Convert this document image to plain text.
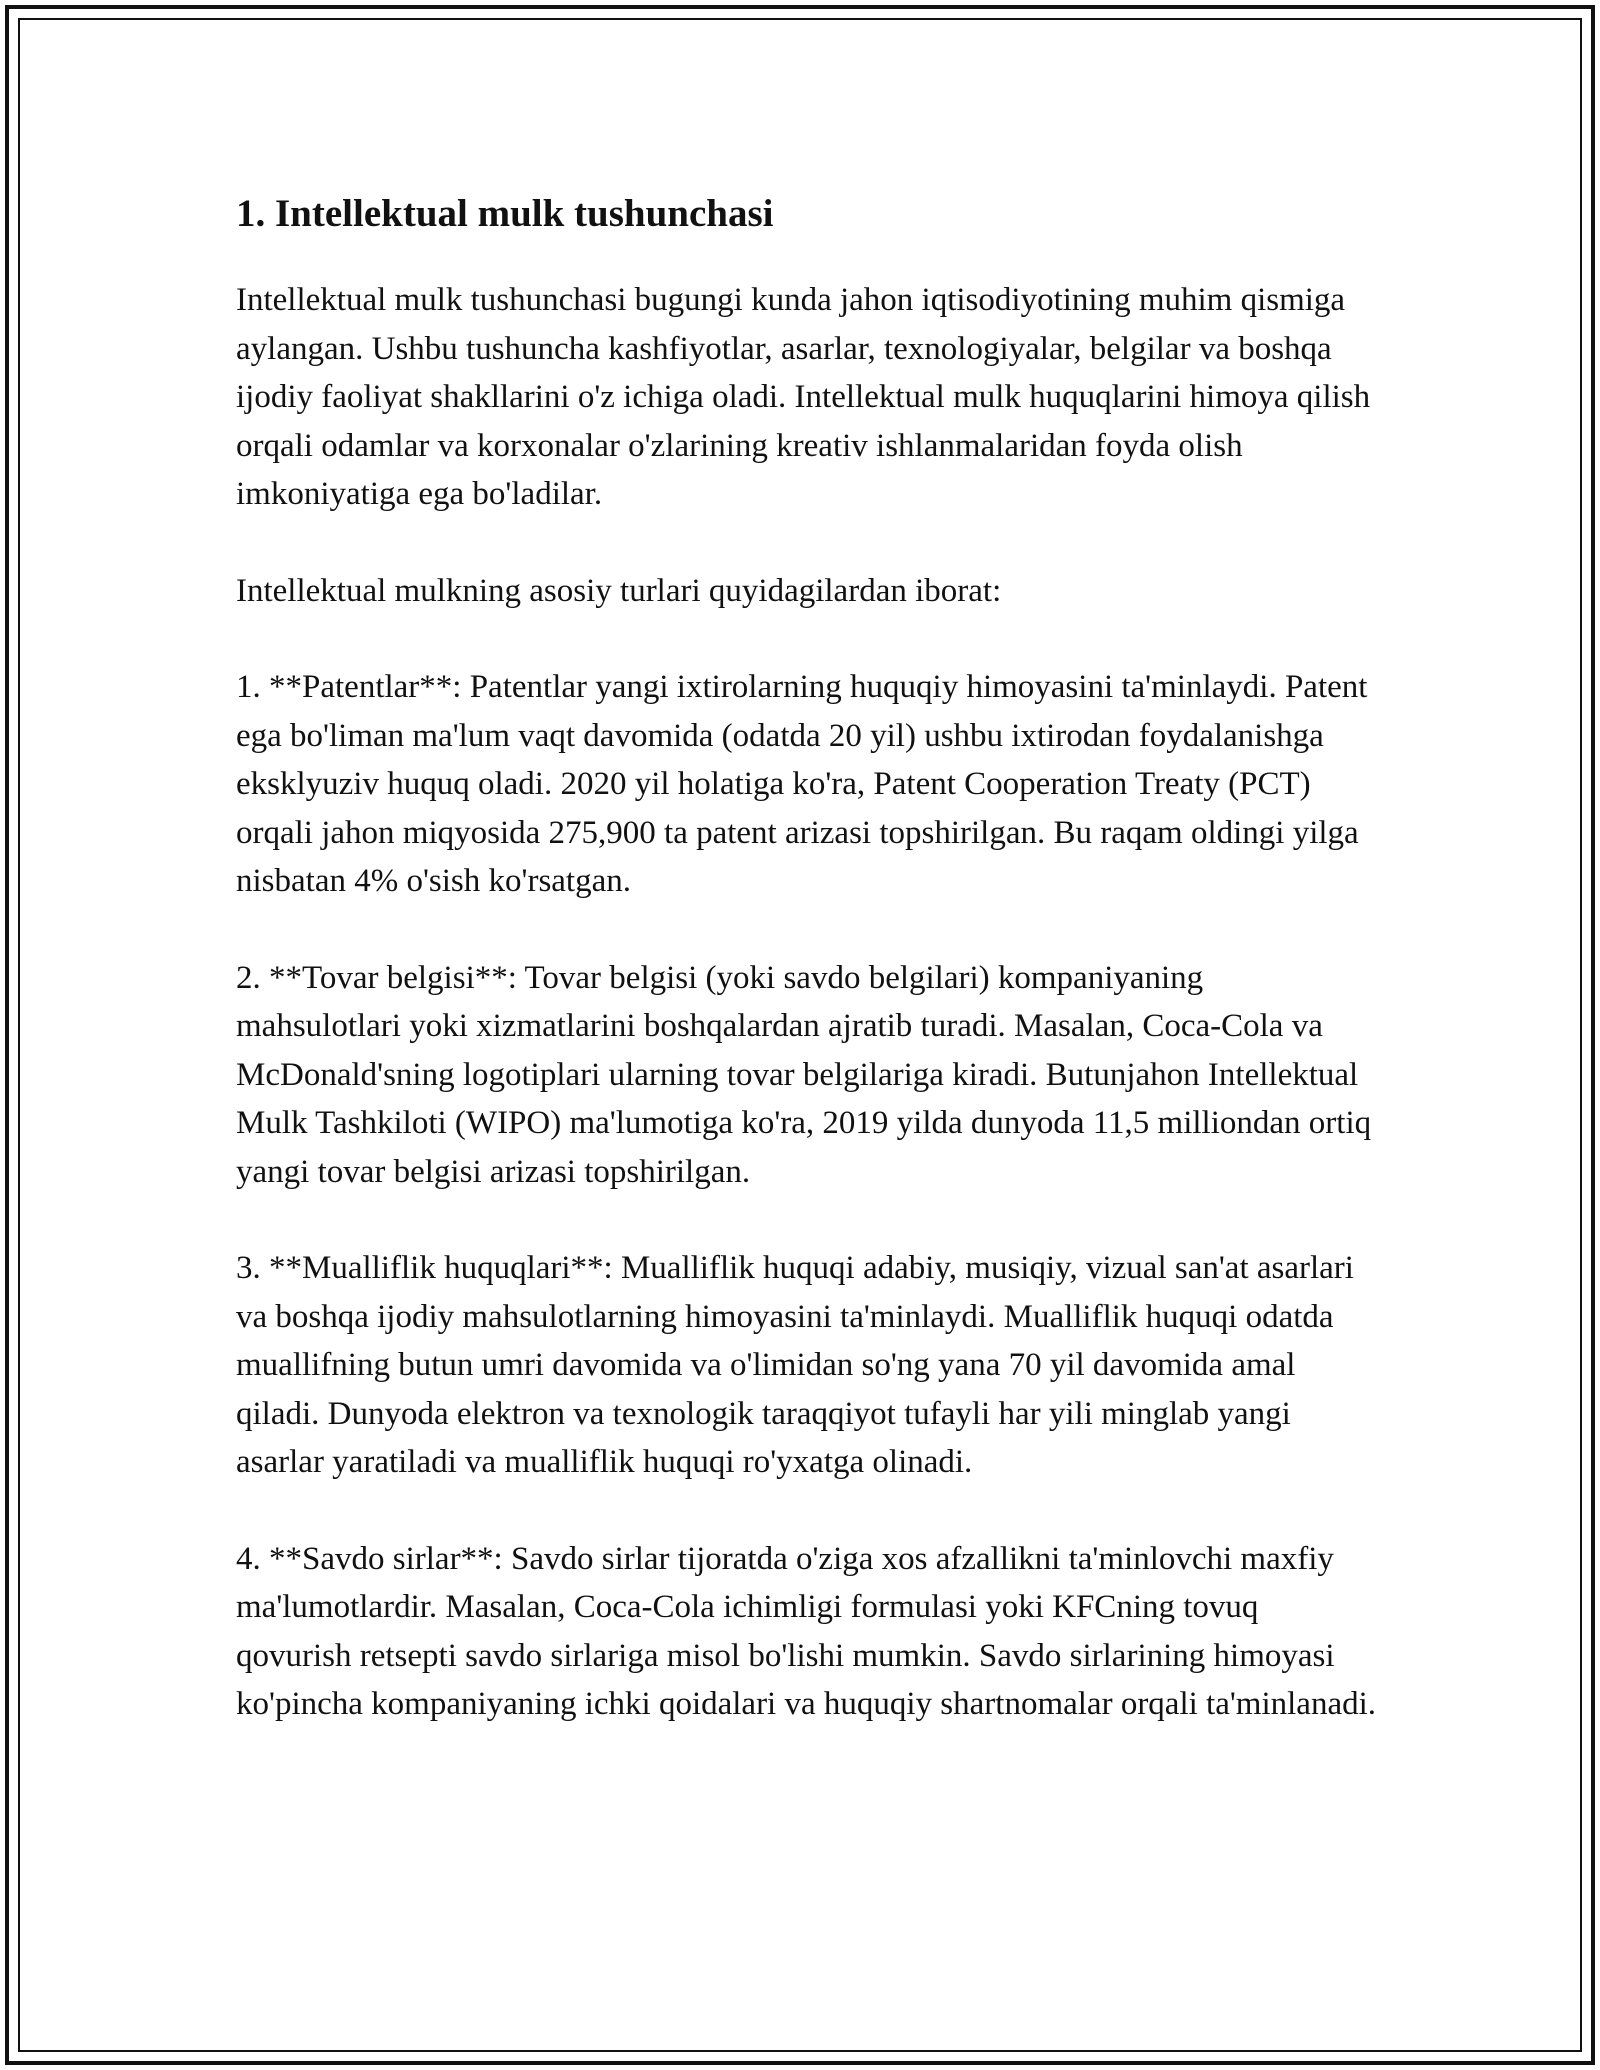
1. Intellektual mulk tushunchasi

Intellektual mulk tushunchasi bugungi kunda jahon iqtisodiyotining muhim qismiga aylangan. Ushbu tushuncha kashfiyotlar, asarlar, texnologiyalar, belgilar va boshqa ijodiy faoliyat shakllarini o'z ichiga oladi. Intellektual mulk huquqlarini himoya qilish orqali odamlar va korxonalar o'zlarining kreativ ishlanmalaridan foyda olish imkoniyatiga ega bo'ladilar.

Intellektual mulkning asosiy turlari quyidagilardan iborat:

1. **Patentlar**: Patentlar yangi ixtirolarning huquqiy himoyasini ta'minlaydi. Patent ega bo'liman ma'lum vaqt davomida (odatda 20 yil) ushbu ixtirodan foydalanishga eksklyuziv huquq oladi. 2020 yil holatiga ko'ra, Patent Cooperation Treaty (PCT) orqali jahon miqyosida 275,900 ta patent arizasi topshirilgan. Bu raqam oldingi yilga nisbatan 4% o'sish ko'rsatgan.

2. **Tovar belgisi**: Tovar belgisi (yoki savdo belgilari) kompaniyaning mahsulotlari yoki xizmatlarini boshqalardan ajratib turadi. Masalan, Coca-Cola va McDonald'sning logotiplari ularning tovar belgilariga kiradi. Butunjahon Intellektual Mulk Tashkiloti (WIPO) ma'lumotiga ko'ra, 2019 yilda dunyoda 11,5 milliondan ortiq yangi tovar belgisi arizasi topshirilgan.

3. **Mualliflik huquqlari**: Mualliflik huquqi adabiy, musiqiy, vizual san'at asarlari va boshqa ijodiy mahsulotlarning himoyasini ta'minlaydi. Mualliflik huquqi odatda muallifning butun umri davomida va o'limidan so'ng yana 70 yil davomida amal qiladi. Dunyoda elektron va texnologik taraqqiyot tufayli har yili minglab yangi asarlar yaratiladi va mualliflik huquqi ro'yxatga olinadi.

4. **Savdo sirlar**: Savdo sirlar tijoratda o'ziga xos afzallikni ta'minlovchi maxfiy ma'lumotlardir. Masalan, Coca-Cola ichimligi formulasi yoki KFCning tovuq qovurish retsepti savdo sirlariga misol bo'lishi mumkin. Savdo sirlarining himoyasi ko'pincha kompaniyaning ichki qoidalari va huquqiy shartnomalar orqali ta'minlanadi.
